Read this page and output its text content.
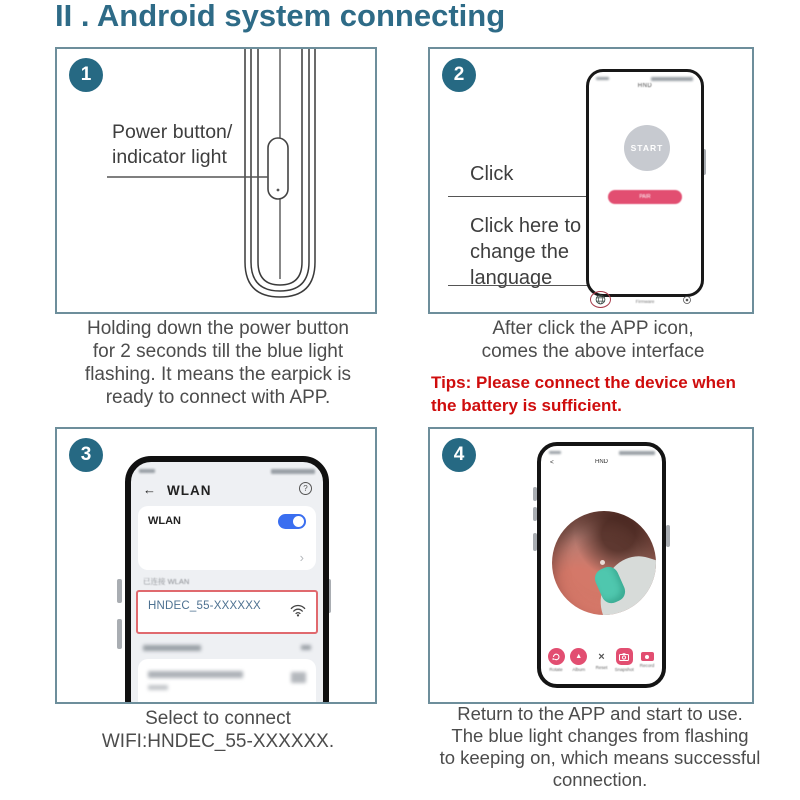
II . Android system connecting
1
Power button/
indicator light
2
Click
Click here to
change the
language
HND
START
PAIR
Firmware
3
← WLAN	?
WLAN
›
已连接 WLAN
HNDEC_55-XXXXXX
4	<	HND
Rotate
▲
Album
×
Reset Snapshot
Record
Holding down the power button
for 2 seconds till the blue light
flashing. It means the earpick is
ready to connect with APP.
After click the APP icon,
comes the above interface
Tips: Please connect the device when
the battery is sufficient.
Select to connect
WIFI:HNDEC_55-XXXXXX.
Return to the APP and start to use.
The blue light changes from flashing
to keeping on, which means successful
connection.
